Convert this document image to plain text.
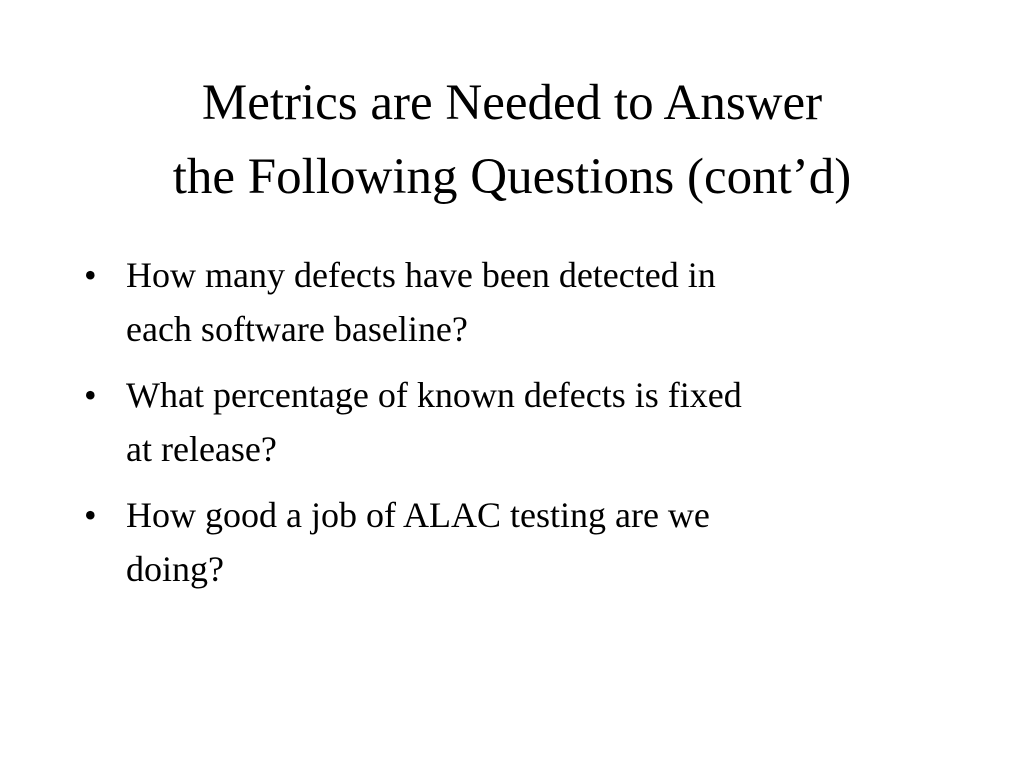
Metrics are Needed to Answer
the Following Questions (cont’d)
• How many defects have been detected in
each software baseline?
• What percentage of known defects is fixed
at release?
• How good a job of ALAC testing are we
doing?
